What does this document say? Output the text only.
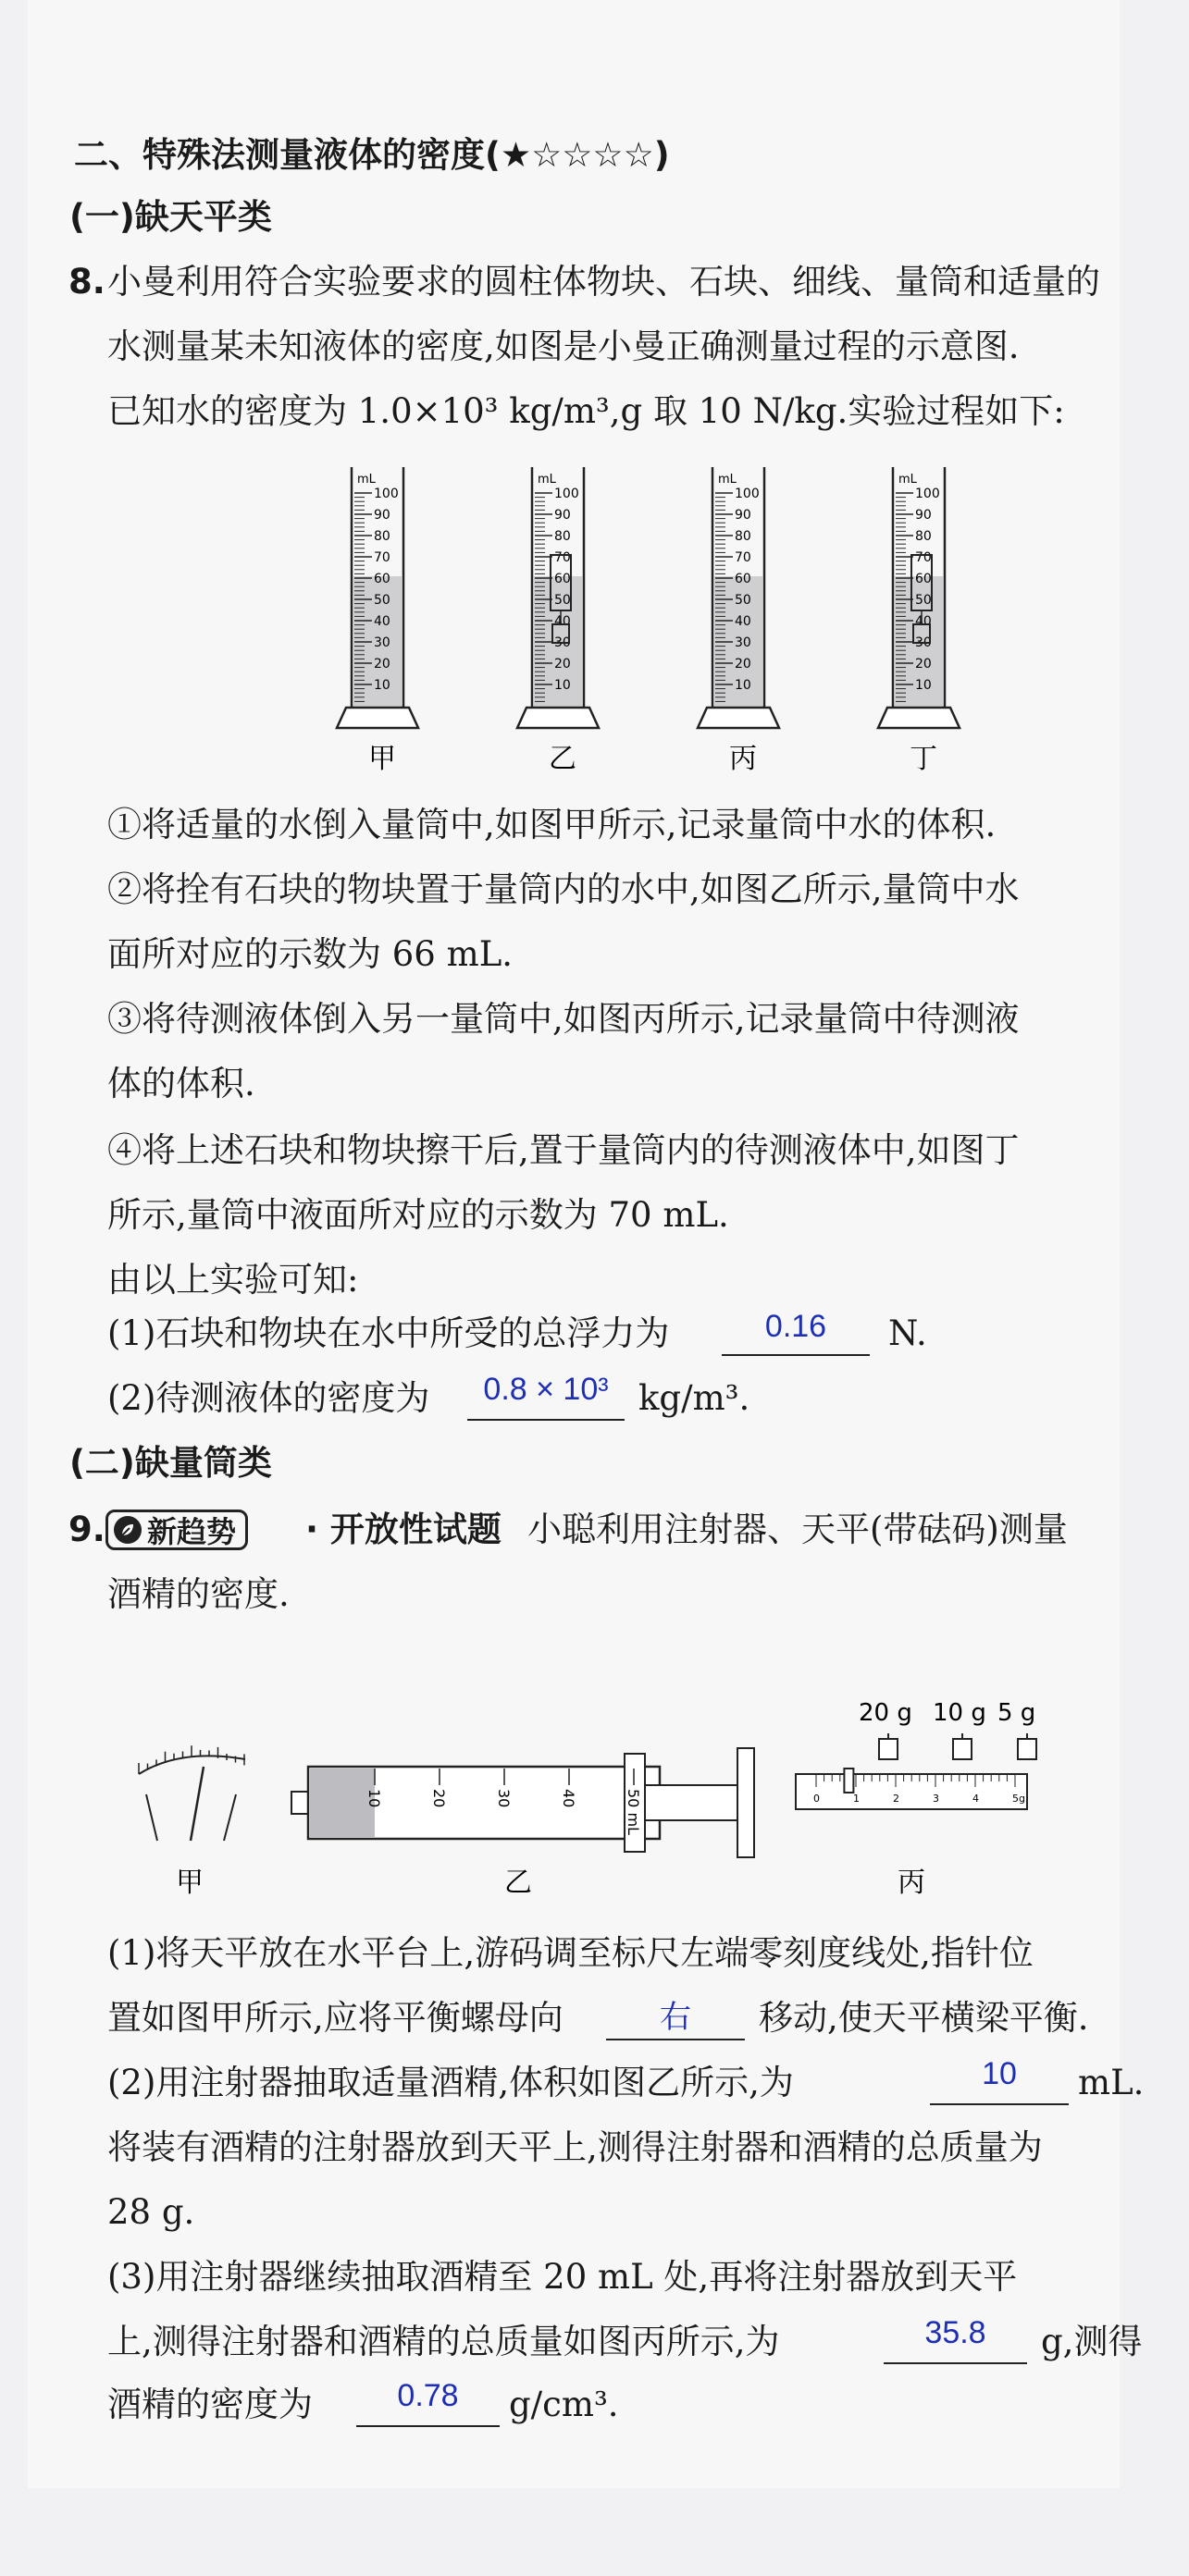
二、特殊法测量液体的密度(★☆☆☆☆)
(一)缺天平类
8. 小曼利用符合实验要求的圆柱体物块、石块、细线、量筒和适量的
水测量某未知液体的密度,如图是小曼正确测量过程的示意图.
已知水的密度为 1.0×10³ kg/m³,g 取 10 N/kg.实验过程如下:
mL
100
90
80
70
60
50
40
30
20
10
甲
mL
100
90
80
70
60
50
40
30
20
10
乙
mL
100
90
80
70
60
50
40
30
20
10
丙
mL
100
90
80
70
60
50
40
30
20
10
丁
①将适量的水倒入量筒中,如图甲所示,记录量筒中水的体积.
②将拴有石块的物块置于量筒内的水中,如图乙所示,量筒中水
面所对应的示数为 66 mL.
③将待测液体倒入另一量筒中,如图丙所示,记录量筒中待测液
体的体积.
④将上述石块和物块擦干后,置于量筒内的待测液体中,如图丁
所示,量筒中液面所对应的示数为 70 mL.
由以上实验可知:
(1)石块和物块在水中所受的总浮力为	0.16	N.
(2)待测液体的密度为	0.8 × 10³ kg/m³.
(二)缺量筒类
9. 新趋势 · 开放性试题 小聪利用注射器、天平(带砝码)测量
酒精的密度.
甲
10	20	30	40	50 mL
乙
20 g 10 g 5 g
0	1	2	3	4	5g
丙
(1)将天平放在水平台上,游码调至标尺左端零刻度线处,指针位
置如图甲所示,应将平衡螺母向	右	移动,使天平横梁平衡.
(2)用注射器抽取适量酒精,体积如图乙所示,为	10	mL.
将装有酒精的注射器放到天平上,测得注射器和酒精的总质量为
28 g.
(3)用注射器继续抽取酒精至 20 mL 处,再将注射器放到天平
上,测得注射器和酒精的总质量如图丙所示,为	35.8	g,测得
酒精的密度为	0.78	g/cm³.
